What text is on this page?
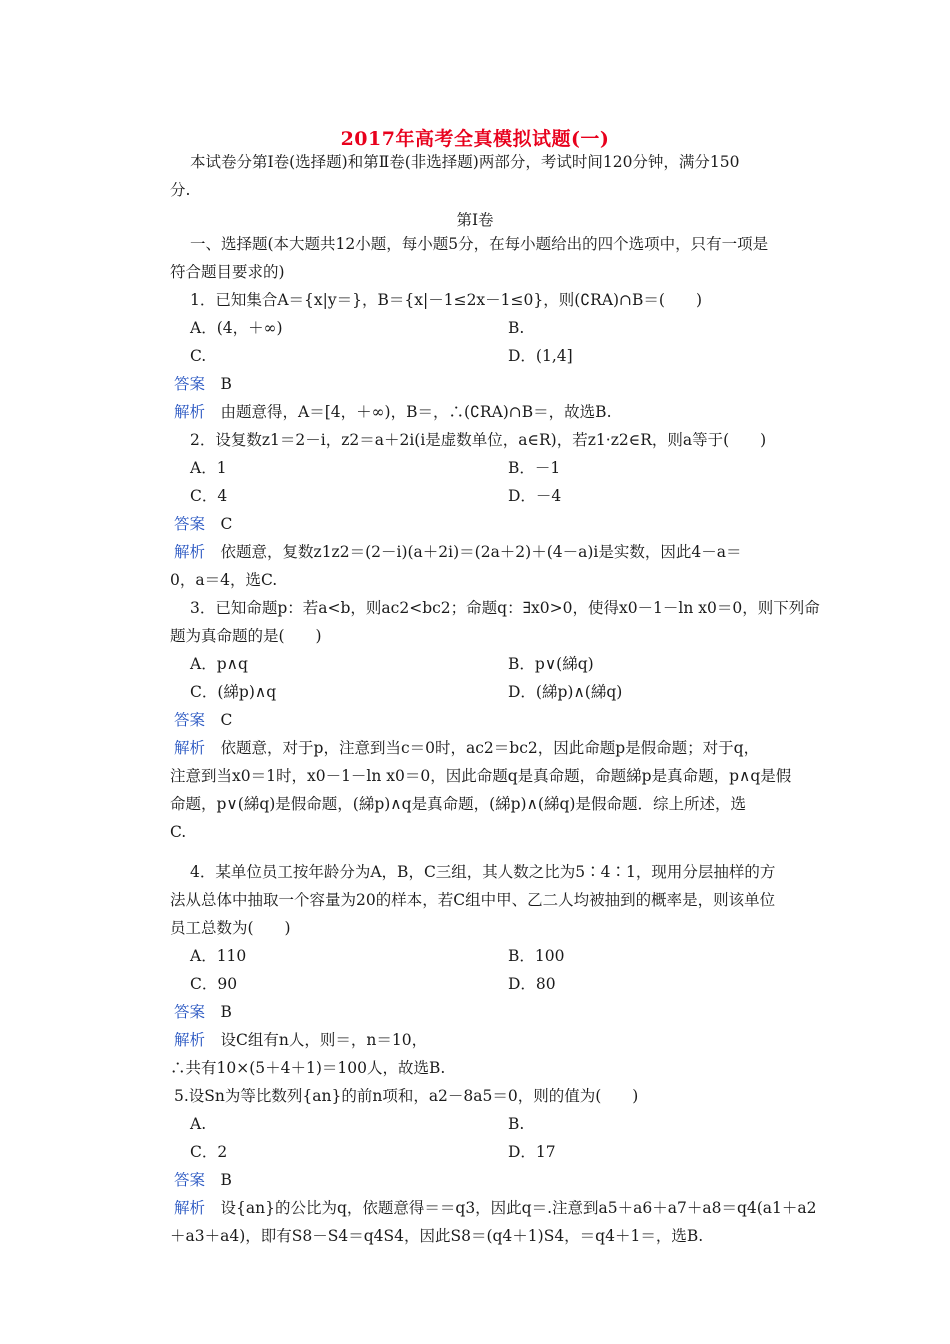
2017年高考全真模拟试题(一)
本试卷分第Ⅰ卷(选择题)和第Ⅱ卷(非选择题)两部分，考试时间120分钟，满分150
分.
第Ⅰ卷
一、选择题(本大题共12小题，每小题5分，在每小题给出的四个选项中，只有一项是
符合题目要求的)
1．已知集合A＝{x|y＝}，B＝{x|－1≤2x－1≤0}，则(∁RA)∩B＝(　　)
A．(4，＋∞)	B.
C.	D．(1,4]
答案　 B
解析　 由题意得，A＝[4，＋∞)，B＝，∴(∁RA)∩B＝，故选B.
2．设复数z1＝2－i，z2＝a＋2i(i是虚数单位，a∈R)，若z1·z2∈R，则a等于(　　)
A．1	B．－1
C．4	D．－4
答案　 C
解析　 依题意，复数z1z2＝(2－i)(a＋2i)＝(2a＋2)＋(4－a)i是实数，因此4－a＝
0，a＝4，选C.
3．已知命题p：若a<b，则ac2<bc2；命题q：∃x0>0，使得x0－1－ln x0＝0，则下列命
题为真命题的是(　　)
A．p∧q	B．p∨(綈q)
C．(綈p)∧q	D．(綈p)∧(綈q)
答案　 C
解析　 依题意，对于p，注意到当c＝0时，ac2＝bc2，因此命题p是假命题；对于q，
注意到当x0＝1时，x0－1－ln x0＝0，因此命题q是真命题，命题綈p是真命题，p∧q是假
命题，p∨(綈q)是假命题，(綈p)∧q是真命题，(綈p)∧(綈q)是假命题．综上所述，选
C.
4．某单位员工按年龄分为A，B，C三组，其人数之比为5∶4∶1，现用分层抽样的方
法从总体中抽取一个容量为20的样本，若C组中甲、乙二人均被抽到的概率是，则该单位
员工总数为(　　)
A．110	B．100
C．90	D．80
答案　 B
解析　 设C组有n人，则＝，n＝10，
∴共有10×(5＋4＋1)＝100人，故选B.
5.设Sn为等比数列{an}的前n项和，a2－8a5＝0，则的值为(　　)
A.	B.
C．2	D．17
答案　 B
解析　 设{an}的公比为q，依题意得＝＝q3，因此q＝.注意到a5＋a6＋a7＋a8＝q4(a1＋a2
＋a3＋a4)，即有S8－S4＝q4S4，因此S8＝(q4＋1)S4，＝q4＋1＝，选B.
